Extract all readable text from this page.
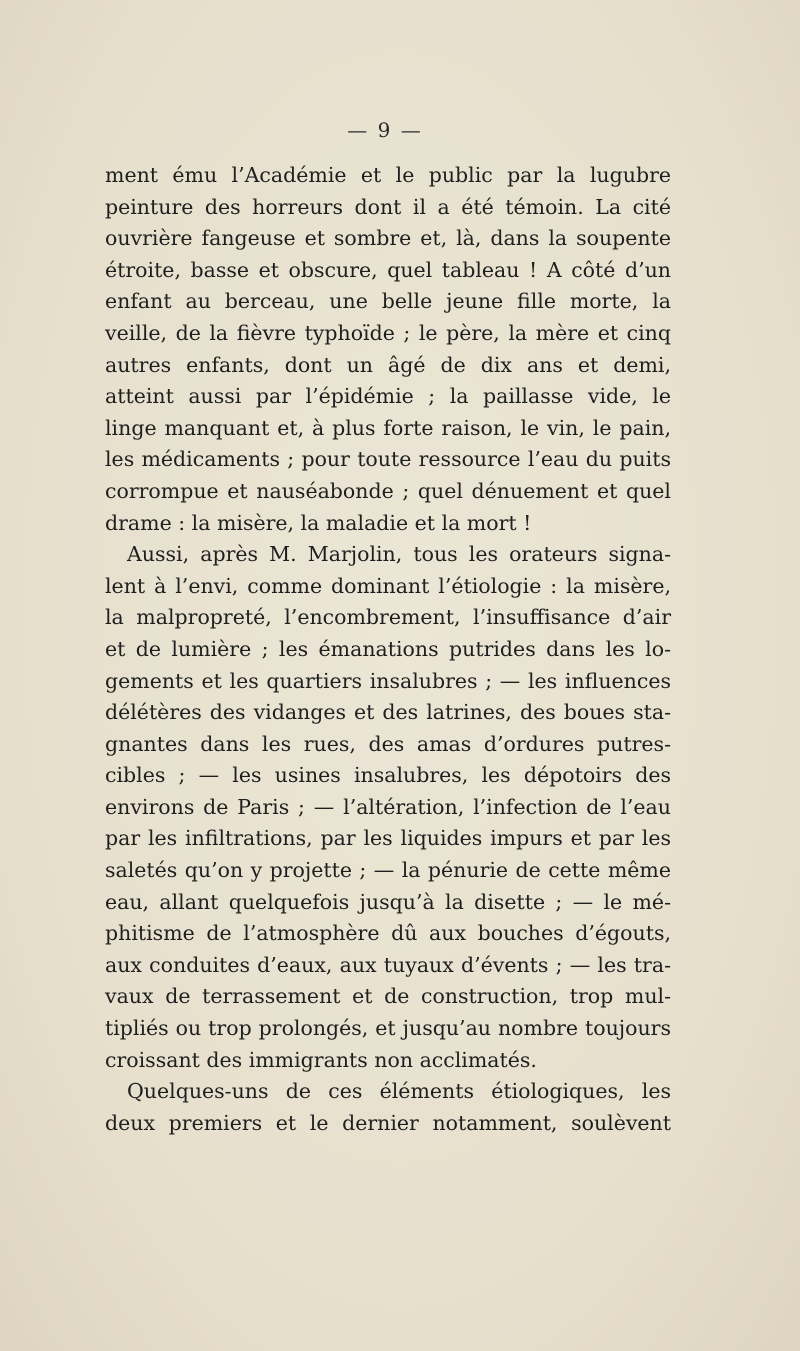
— 9 —
ment ému l’Académie et le public par la lugubre
peinture des horreurs dont il a été témoin. La cité
ouvrière fangeuse et sombre et, là, dans la soupente
étroite, basse et obscure, quel tableau ! A côté d’un
enfant au berceau, une belle jeune fille morte, la
veille, de la fièvre typhoïde ; le père, la mère et cinq
autres enfants, dont un âgé de dix ans et demi,
atteint aussi par l’épidémie ; la paillasse vide, le
linge manquant et, à plus forte raison, le vin, le pain,
les médicaments ; pour toute ressource l’eau du puits
corrompue et nauséabonde ; quel dénuement et quel
drame : la misère, la maladie et la mort !
Aussi, après M. Marjolin, tous les orateurs signa-
lent à l’envi, comme dominant l’étiologie : la misère,
la malpropreté, l’encombrement, l’insuffisance d’air
et de lumière ; les émanations putrides dans les lo-
gements et les quartiers insalubres ; — les influences
délétères des vidanges et des latrines, des boues sta-
gnantes dans les rues, des amas d’ordures putres-
cibles ; — les usines insalubres, les dépotoirs des
environs de Paris ; — l’altération, l’infection de l’eau
par les infiltrations, par les liquides impurs et par les
saletés qu’on y projette ; — la pénurie de cette même
eau, allant quelquefois jusqu’à la disette ; — le mé-
phitisme de l’atmosphère dû aux bouches d’égouts,
aux conduites d’eaux, aux tuyaux d’évents ; — les tra-
vaux de terrassement et de construction, trop mul-
tipliés ou trop prolongés, et jusqu’au nombre toujours
croissant des immigrants non acclimatés.
Quelques-uns de ces éléments étiologiques, les
deux premiers et le dernier notamment, soulèvent
